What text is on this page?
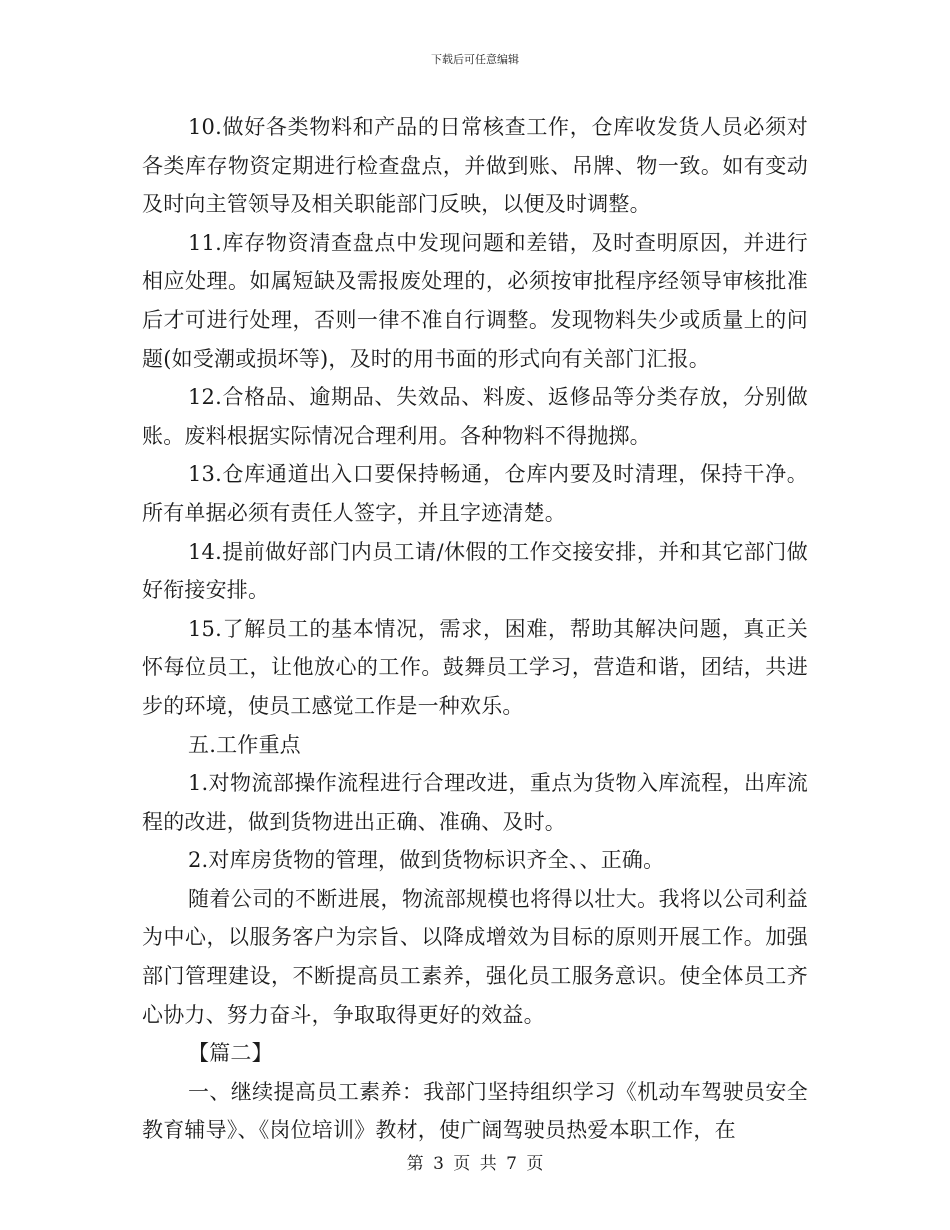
下载后可任意编辑

10.做好各类物料和产品的日常核查工作，仓库收发货人员必须对各类库存物资定期进行检查盘点，并做到账、吊牌、物一致。如有变动及时向主管领导及相关职能部门反映，以便及时调整。

11.库存物资清查盘点中发现问题和差错，及时查明原因，并进行相应处理。如属短缺及需报废处理的，必须按审批程序经领导审核批准后才可进行处理，否则一律不准自行调整。发现物料失少或质量上的问题(如受潮或损坏等)，及时的用书面的形式向有关部门汇报。

12.合格品、逾期品、失效品、料废、返修品等分类存放，分别做账。废料根据实际情况合理利用。各种物料不得抛掷。

13.仓库通道出入口要保持畅通，仓库内要及时清理，保持干净。所有单据必须有责任人签字，并且字迹清楚。

14.提前做好部门内员工请/休假的工作交接安排，并和其它部门做好衔接安排。

15.了解员工的基本情况，需求，困难，帮助其解决问题，真正关怀每位员工，让他放心的工作。鼓舞员工学习，营造和谐，团结，共进步的环境，使员工感觉工作是一种欢乐。

五.工作重点

1.对物流部操作流程进行合理改进，重点为货物入库流程，出库流程的改进，做到货物进出正确、准确、及时。

2.对库房货物的管理，做到货物标识齐全、、正确。

随着公司的不断进展，物流部规模也将得以壮大。我将以公司利益为中心，以服务客户为宗旨、以降成增效为目标的原则开展工作。加强部门管理建设，不断提高员工素养，强化员工服务意识。使全体员工齐心协力、努力奋斗，争取取得更好的效益。

【篇二】

一、继续提高员工素养：我部门坚持组织学习《机动车驾驶员安全教育辅导》、《岗位培训》教材，使广阔驾驶员热爱本职工作，在

第 3 页 共 7 页
